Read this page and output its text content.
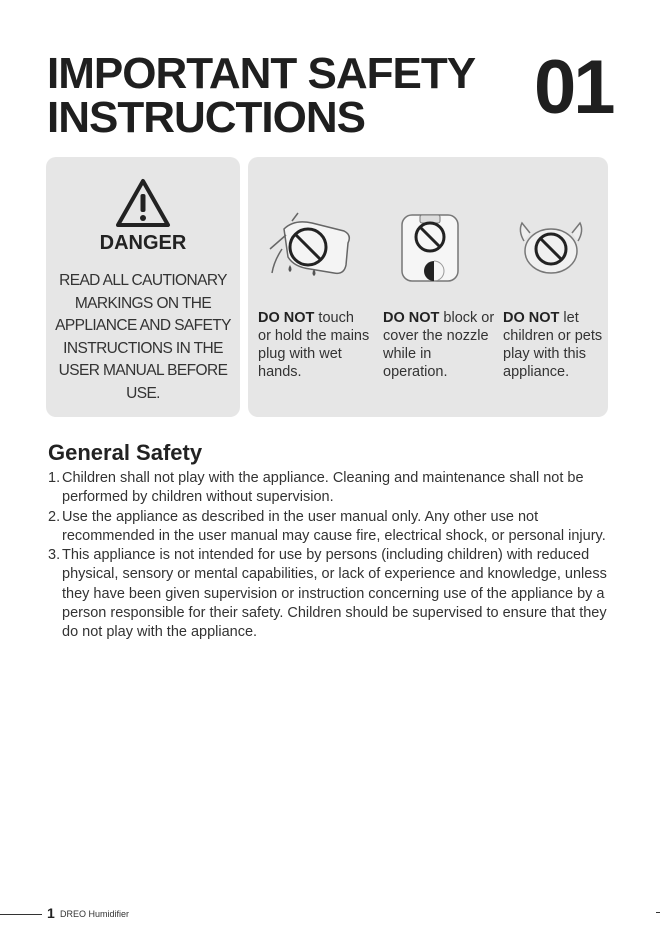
IMPORTANT SAFETY
INSTRUCTIONS	01
DANGER
READ ALL CAUTIONARY MARKINGS ON THE APPLIANCE AND SAFETY INSTRUCTIONS IN THE USER MANUAL BEFORE USE.
DO NOT touch or hold the mains plug with wet hands.
DO NOT block or cover the nozzle while in operation.
DO NOT let children or pets play with this appliance.
General Safety
1. Children shall not play with the appliance. Cleaning and maintenance shall not be performed by children without supervision.
2. Use the appliance as described in the user manual only. Any other use not recommended in the user manual may cause fire, electrical shock, or personal injury.
3. This appliance is not intended for use by persons (including children) with reduced physical, sensory or mental capabilities, or lack of experience and knowledge, unless they have been given supervision or instruction concerning use of the appliance by a person responsible for their safety. Children should be supervised to ensure that they do not play with the appliance.
1 DREO Humidifier
